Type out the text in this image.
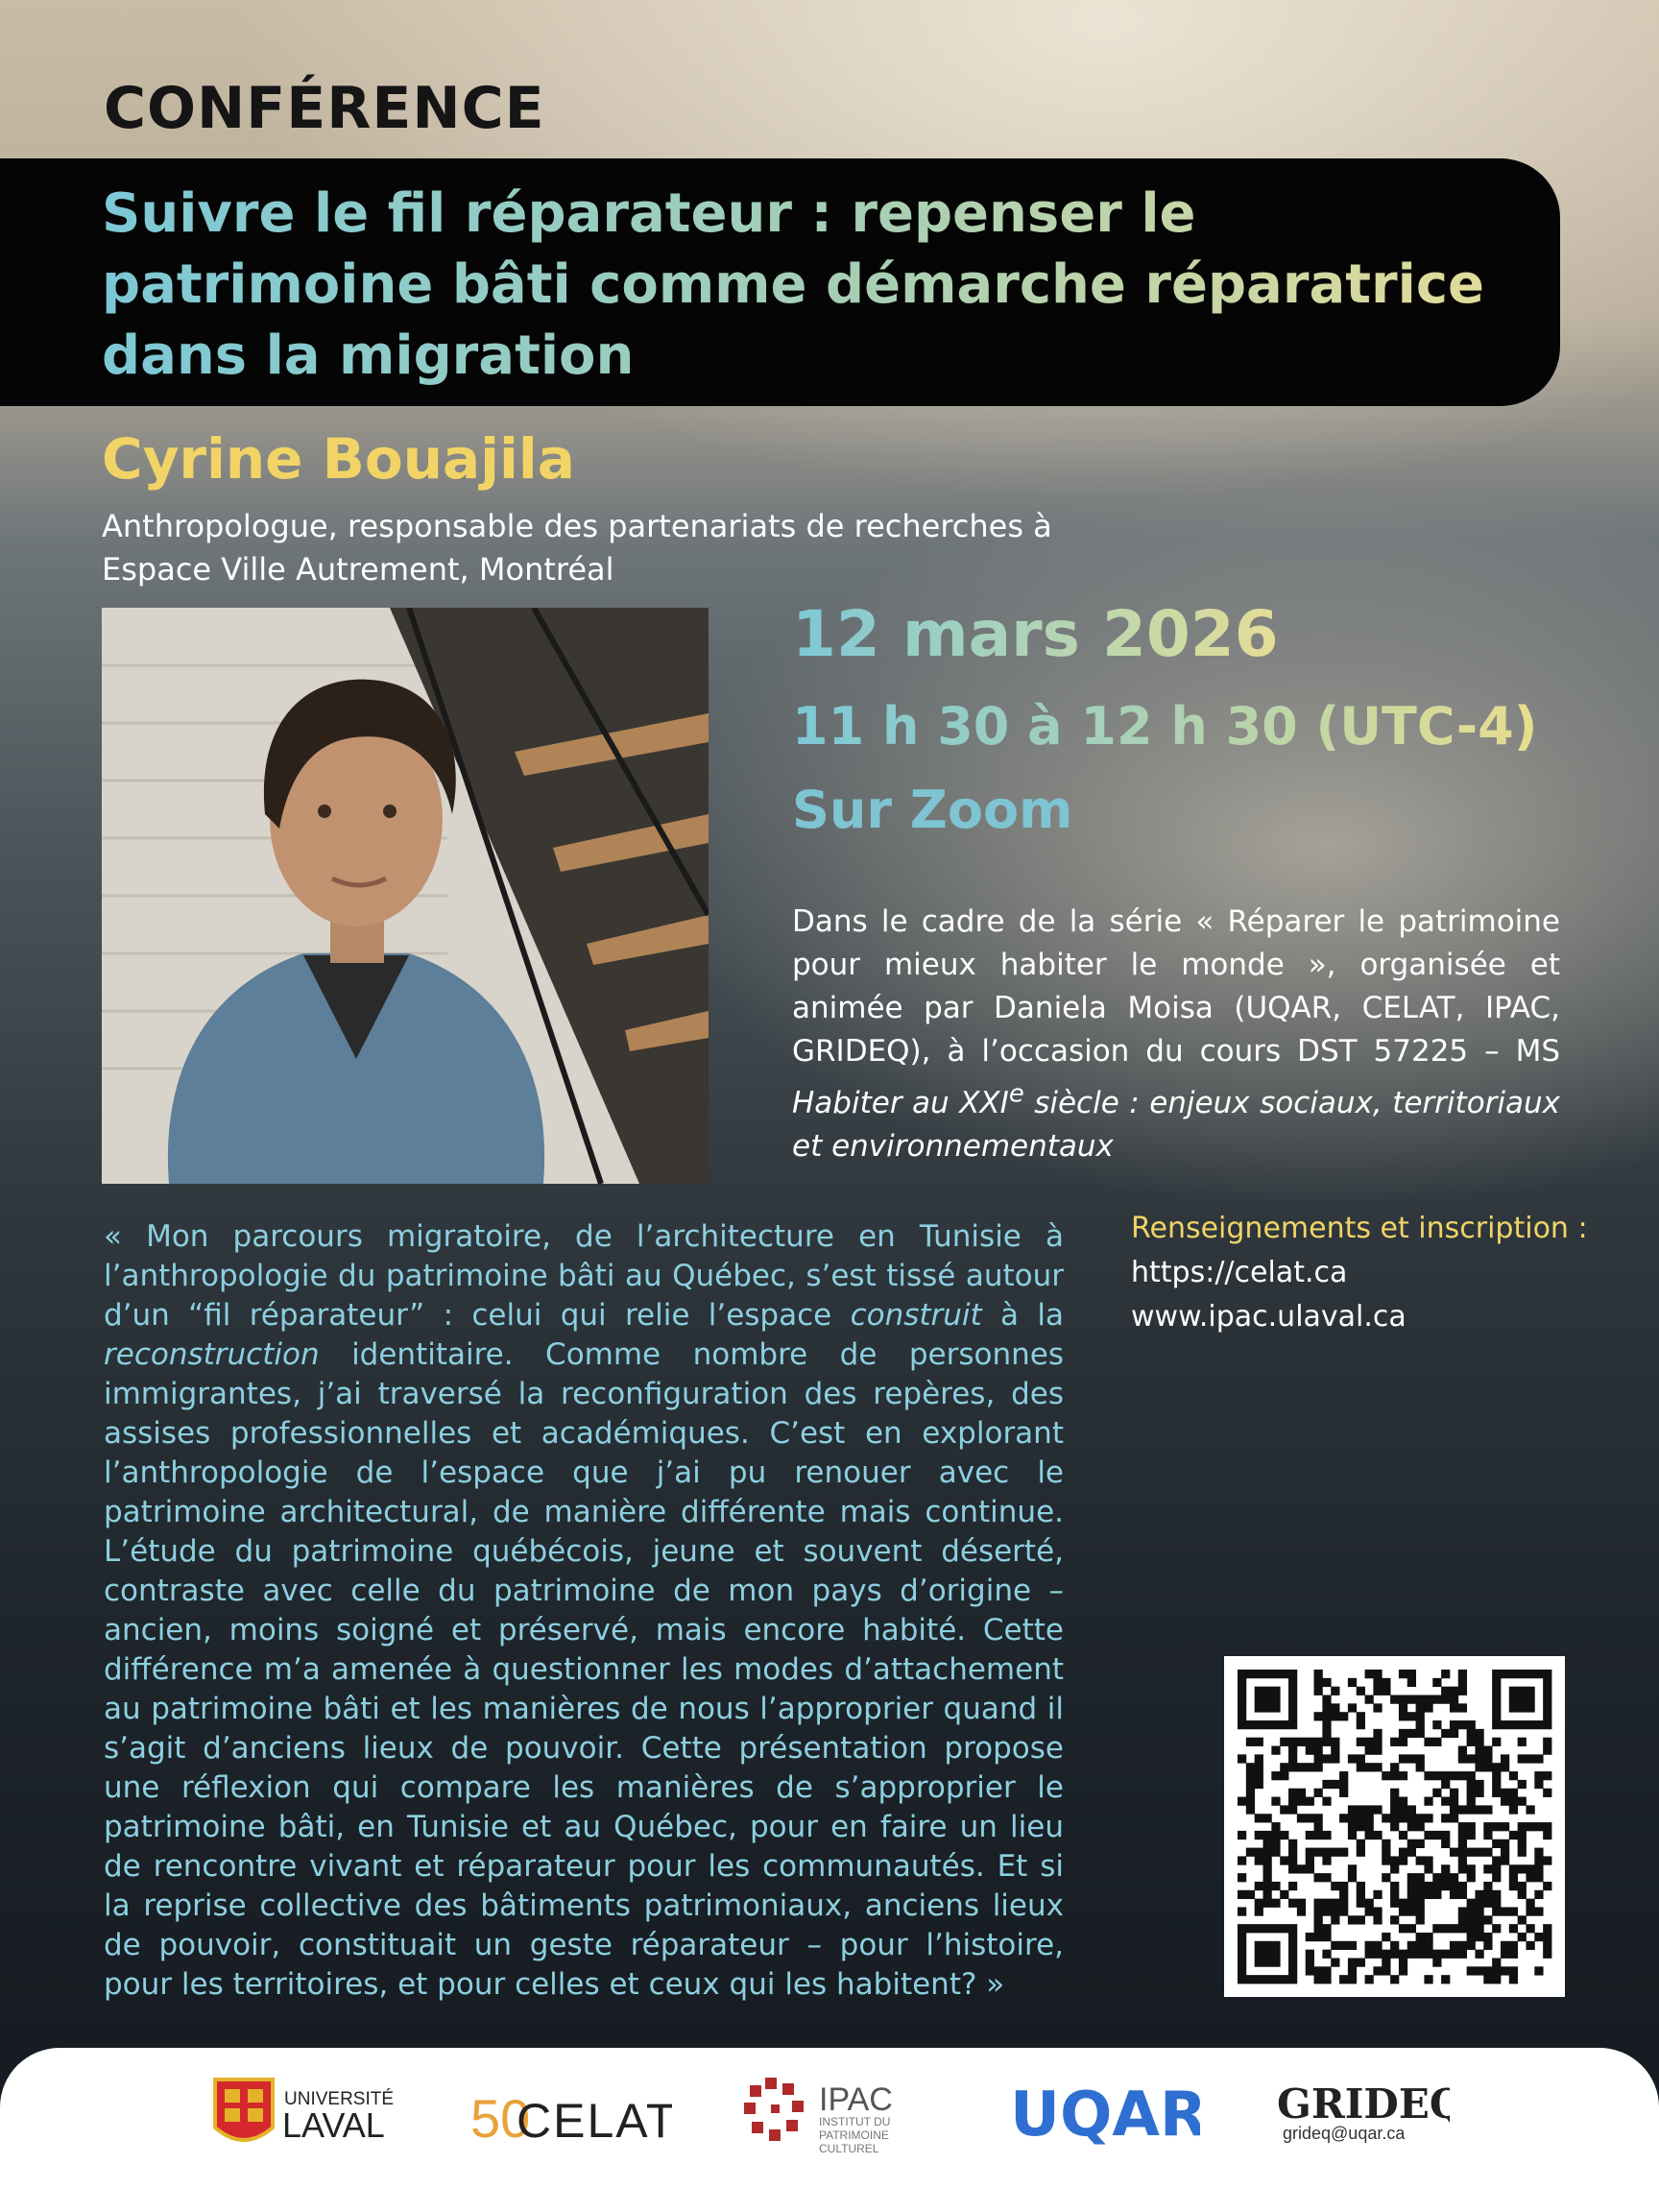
CONFÉRENCE
Suivre le fil réparateur : repenser le patrimoine bâti comme démarche réparatrice dans la migration
Cyrine Bouajila

Anthropologue, responsable des partenariats de recherches à Espace Ville Autrement, Montréal

12 mars 2026
11 h 30 à 12 h 30 (UTC-4)
Sur Zoom

Dans le cadre de la série « Réparer le patrimoine pour mieux habiter le monde », organisée et animée par Daniela Moisa (UQAR, CELAT, IPAC, GRIDEQ), à l’occasion du cours DST 57225 – MS Habiter au XXIe siècle : enjeux sociaux, territoriaux et environnementaux

« Mon parcours migratoire, de l’architecture en Tunisie à l’anthropologie du patrimoine bâti au Québec, s’est tissé autour d’un “fil réparateur” : celui qui relie l’espace construit à la reconstruction identitaire. Comme nombre de personnes immigrantes, j’ai traversé la reconfiguration des repères, des assises professionnelles et académiques. C’est en explorant l’anthropologie de l’espace que j’ai pu renouer avec le patrimoine architectural, de manière différente mais continue. L’étude du patrimoine québécois, jeune et souvent déserté, contraste avec celle du patrimoine de mon pays d’origine – ancien, moins soigné et préservé, mais encore habité. Cette différence m’a amenée à questionner les modes d’attachement au patrimoine bâti et les manières de nous l’approprier quand il s’agit d’anciens lieux de pouvoir. Cette présentation propose une réflexion qui compare les manières de s’approprier le patrimoine bâti, en Tunisie et au Québec, pour en faire un lieu de rencontre vivant et réparateur pour les communautés. Et si la reprise collective des bâtiments patrimoniaux, anciens lieux de pouvoir, constituait un geste réparateur – pour l’histoire, pour les territoires, et pour celles et ceux qui les habitent? »

Renseignements et inscription :

https://celat.ca
www.ipac.ulaval.ca
UNIVERSITÉ
LAVAL 50
CELAT	IPAC
INSTITUT DU
PATRIMOINE
CULTUREL UQAR GRIDEQ
grideq@uqar.ca
